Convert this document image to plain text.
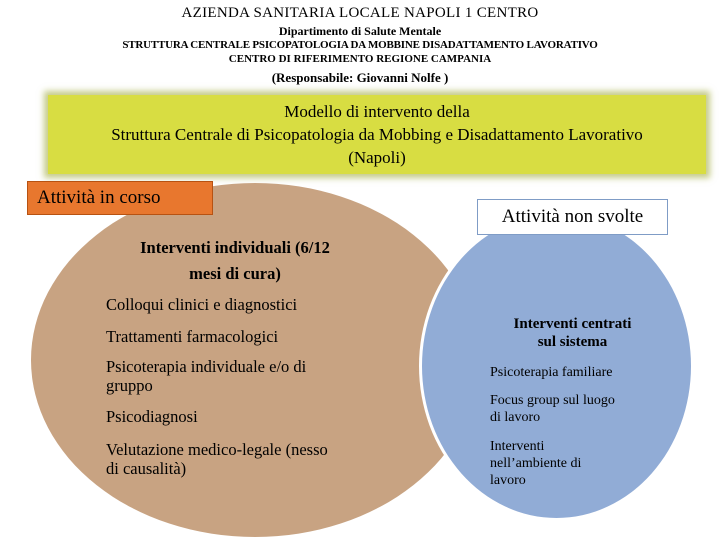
AZIENDA SANITARIA LOCALE NAPOLI 1 CENTRO
Dipartimento di Salute Mentale
STRUTTURA CENTRALE PSICOPATOLOGIA DA MOBBINE DISADATTAMENTO LAVORATIVO
CENTRO DI RIFERIMENTO REGIONE CAMPANIA
(Responsabile: Giovanni Nolfe )
Modello di intervento della
Struttura Centrale di Psicopatologia da Mobbing e Disadattamento Lavorativo
(Napoli)
Attività in corso
Attività non svolte
Interventi individuali (6/12
mesi di cura)
Colloqui clinici e diagnostici
Trattamenti farmacologici
Psicoterapia individuale e/o di
gruppo
Psicodiagnosi
Velutazione medico-legale (nesso
di causalità)
Interventi centrati
sul sistema
Psicoterapia familiare
Focus group sul luogo
di lavoro
Interventi
nell’ambiente di
lavoro
